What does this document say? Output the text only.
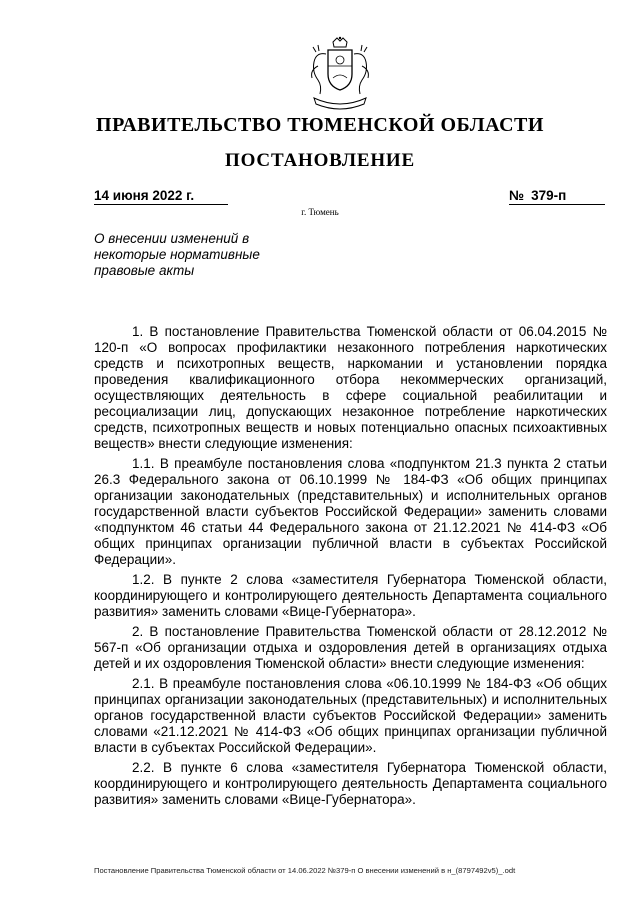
ПРАВИТЕЛЬСТВО ТЮМЕНСКОЙ ОБЛАСТИ
ПОСТАНОВЛЕНИЕ
14 июня 2022 г.	№ 379-п
г. Тюмень
О внесении изменений в некоторые нормативные правовые акты

1. В постановление Правительства Тюменской области от 06.04.2015 № 120-п «О вопросах профилактики незаконного потребления наркотических средств и психотропных веществ, наркомании и установлении порядка проведения квалификационного отбора некоммерческих организаций, осуществляющих деятельность в сфере социальной реабилитации и ресоциализации лиц, допускающих незаконное потребление наркотических средств, психотропных веществ и новых потенциально опасных психоактивных веществ» внести следующие изменения:

1.1. В преамбуле постановления слова «подпунктом 21.3 пункта 2 статьи 26.3 Федерального закона от 06.10.1999 № 184-ФЗ «Об общих принципах организации законодательных (представительных) и исполнительных органов государственной власти субъектов Российской Федерации» заменить словами «подпунктом 46 статьи 44 Федерального закона от 21.12.2021 № 414-ФЗ «Об общих принципах организации публичной власти в субъектах Российской Федерации».

1.2. В пункте 2 слова «заместителя Губернатора Тюменской области, координирующего и контролирующего деятельность Департамента социального развития» заменить словами «Вице-Губернатора».

2. В постановление Правительства Тюменской области от 28.12.2012 № 567-п «Об организации отдыха и оздоровления детей в организациях отдыха детей и их оздоровления Тюменской области» внести следующие изменения:

2.1. В преамбуле постановления слова «06.10.1999 № 184-ФЗ «Об общих принципах организации законодательных (представительных) и исполнительных органов государственной власти субъектов Российской Федерации» заменить словами «21.12.2021 № 414-ФЗ «Об общих принципах организации публичной власти в субъектах Российской Федерации».

2.2. В пункте 6 слова «заместителя Губернатора Тюменской области, координирующего и контролирующего деятельность Департамента социального развития» заменить словами «Вице-Губернатора».

Постановление Правительства Тюменской области от 14.06.2022 №379-п О внесении изменений в н_(8797492v5)_.odt
